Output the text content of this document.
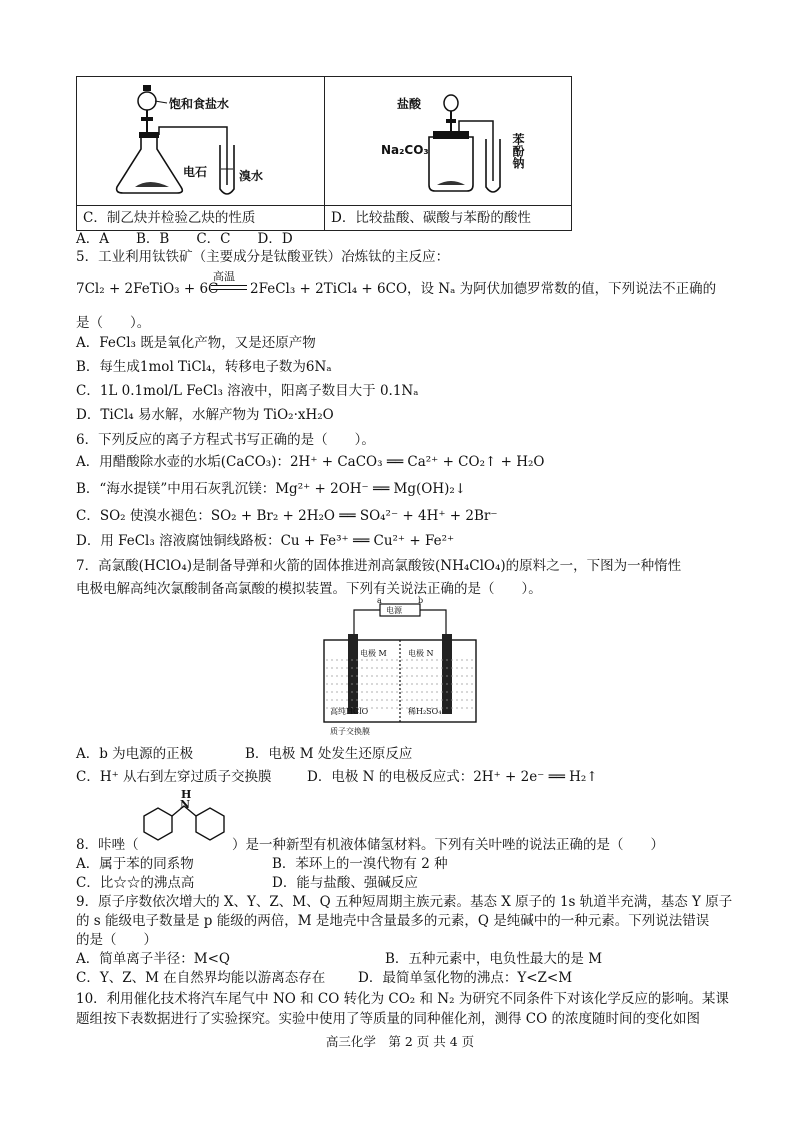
饱和食盐水
电石 溴水	盐酸
Na₂CO₃ 苯酚钠

C．制乙炔并检验乙炔的性质	D．比较盐酸、碳酸与苯酚的酸性
A．A　　B．B　　C．C　　D．D
5．工业利用钛铁矿（主要成分是钛酸亚铁）冶炼钛的主反应：
高温
7Cl₂ + 2FeTiO₃ + 6C 2FeCl₃ + 2TiCl₄ + 6CO，设 Nₐ 为阿伏加德罗常数的值，下列说法不正确的
是（　　）。
A．FeCl₃ 既是氧化产物，又是还原产物
B．每生成1mol TiCl₄，转移电子数为6Nₐ
C．1L 0.1mol/L FeCl₃ 溶液中，阳离子数目大于 0.1Nₐ
D．TiCl₄ 易水解，水解产物为 TiO₂·xH₂O
6．下列反应的离子方程式书写正确的是（　　）。
A．用醋酸除水壶的水垢(CaCO₃)：2H⁺ + CaCO₃ ══ Ca²⁺ + CO₂↑ + H₂O
B．“海水提镁”中用石灰乳沉镁：Mg²⁺ + 2OH⁻ ══ Mg(OH)₂↓
C．SO₂ 使溴水褪色：SO₂ + Br₂ + 2H₂O ══ SO₄²⁻ + 4H⁺ + 2Br⁻
D．用 FeCl₃ 溶液腐蚀铜线路板：Cu + Fe³⁺ ══ Cu²⁺ + Fe²⁺
7．高氯酸(HClO₄)是制备导弹和火箭的固体推进剂高氯酸铵(NH₄ClO₄)的原料之一，下图为一种惰性
电极电解高纯次氯酸制备高氯酸的模拟装置。下列有关说法正确的是（　　）。
a	b
电源
电极 M	电极 N
高纯HClO	稀H₂SO₄
质子交换膜
A．b 为电源的正极	B．电极 M 处发生还原反应
C．H⁺ 从右到左穿过质子交换膜	D．电极 N 的电极反应式：2H⁺ + 2e⁻ ══ H₂↑
H
N
8．咔唑（	）是一种新型有机液体储氢材料。下列有关叶唑的说法正确的是（　　）
A．属于苯的同系物	B．苯环上的一溴代物有 2 种
C．比☆☆的沸点高	D．能与盐酸、强碱反应
9．原子序数依次增大的 X、Y、Z、M、Q 五种短周期主族元素。基态 X 原子的 1s 轨道半充满，基态 Y 原子
的 s 能级电子数量是 p 能级的两倍，M 是地壳中含量最多的元素，Q 是纯碱中的一种元素。下列说法错误
的是（　　）
A．简单离子半径：M<Q	B．五种元素中，电负性最大的是 M
C．Y、Z、M 在自然界均能以游离态存在 D．最简单氢化物的沸点：Y<Z<M
10．利用催化技术将汽车尾气中 NO 和 CO 转化为 CO₂ 和 N₂ 为研究不同条件下对该化学反应的影响。某课
题组按下表数据进行了实验探究。实验中使用了等质量的同种催化剂，测得 CO 的浓度随时间的变化如图
高三化学　第 2 页 共 4 页
